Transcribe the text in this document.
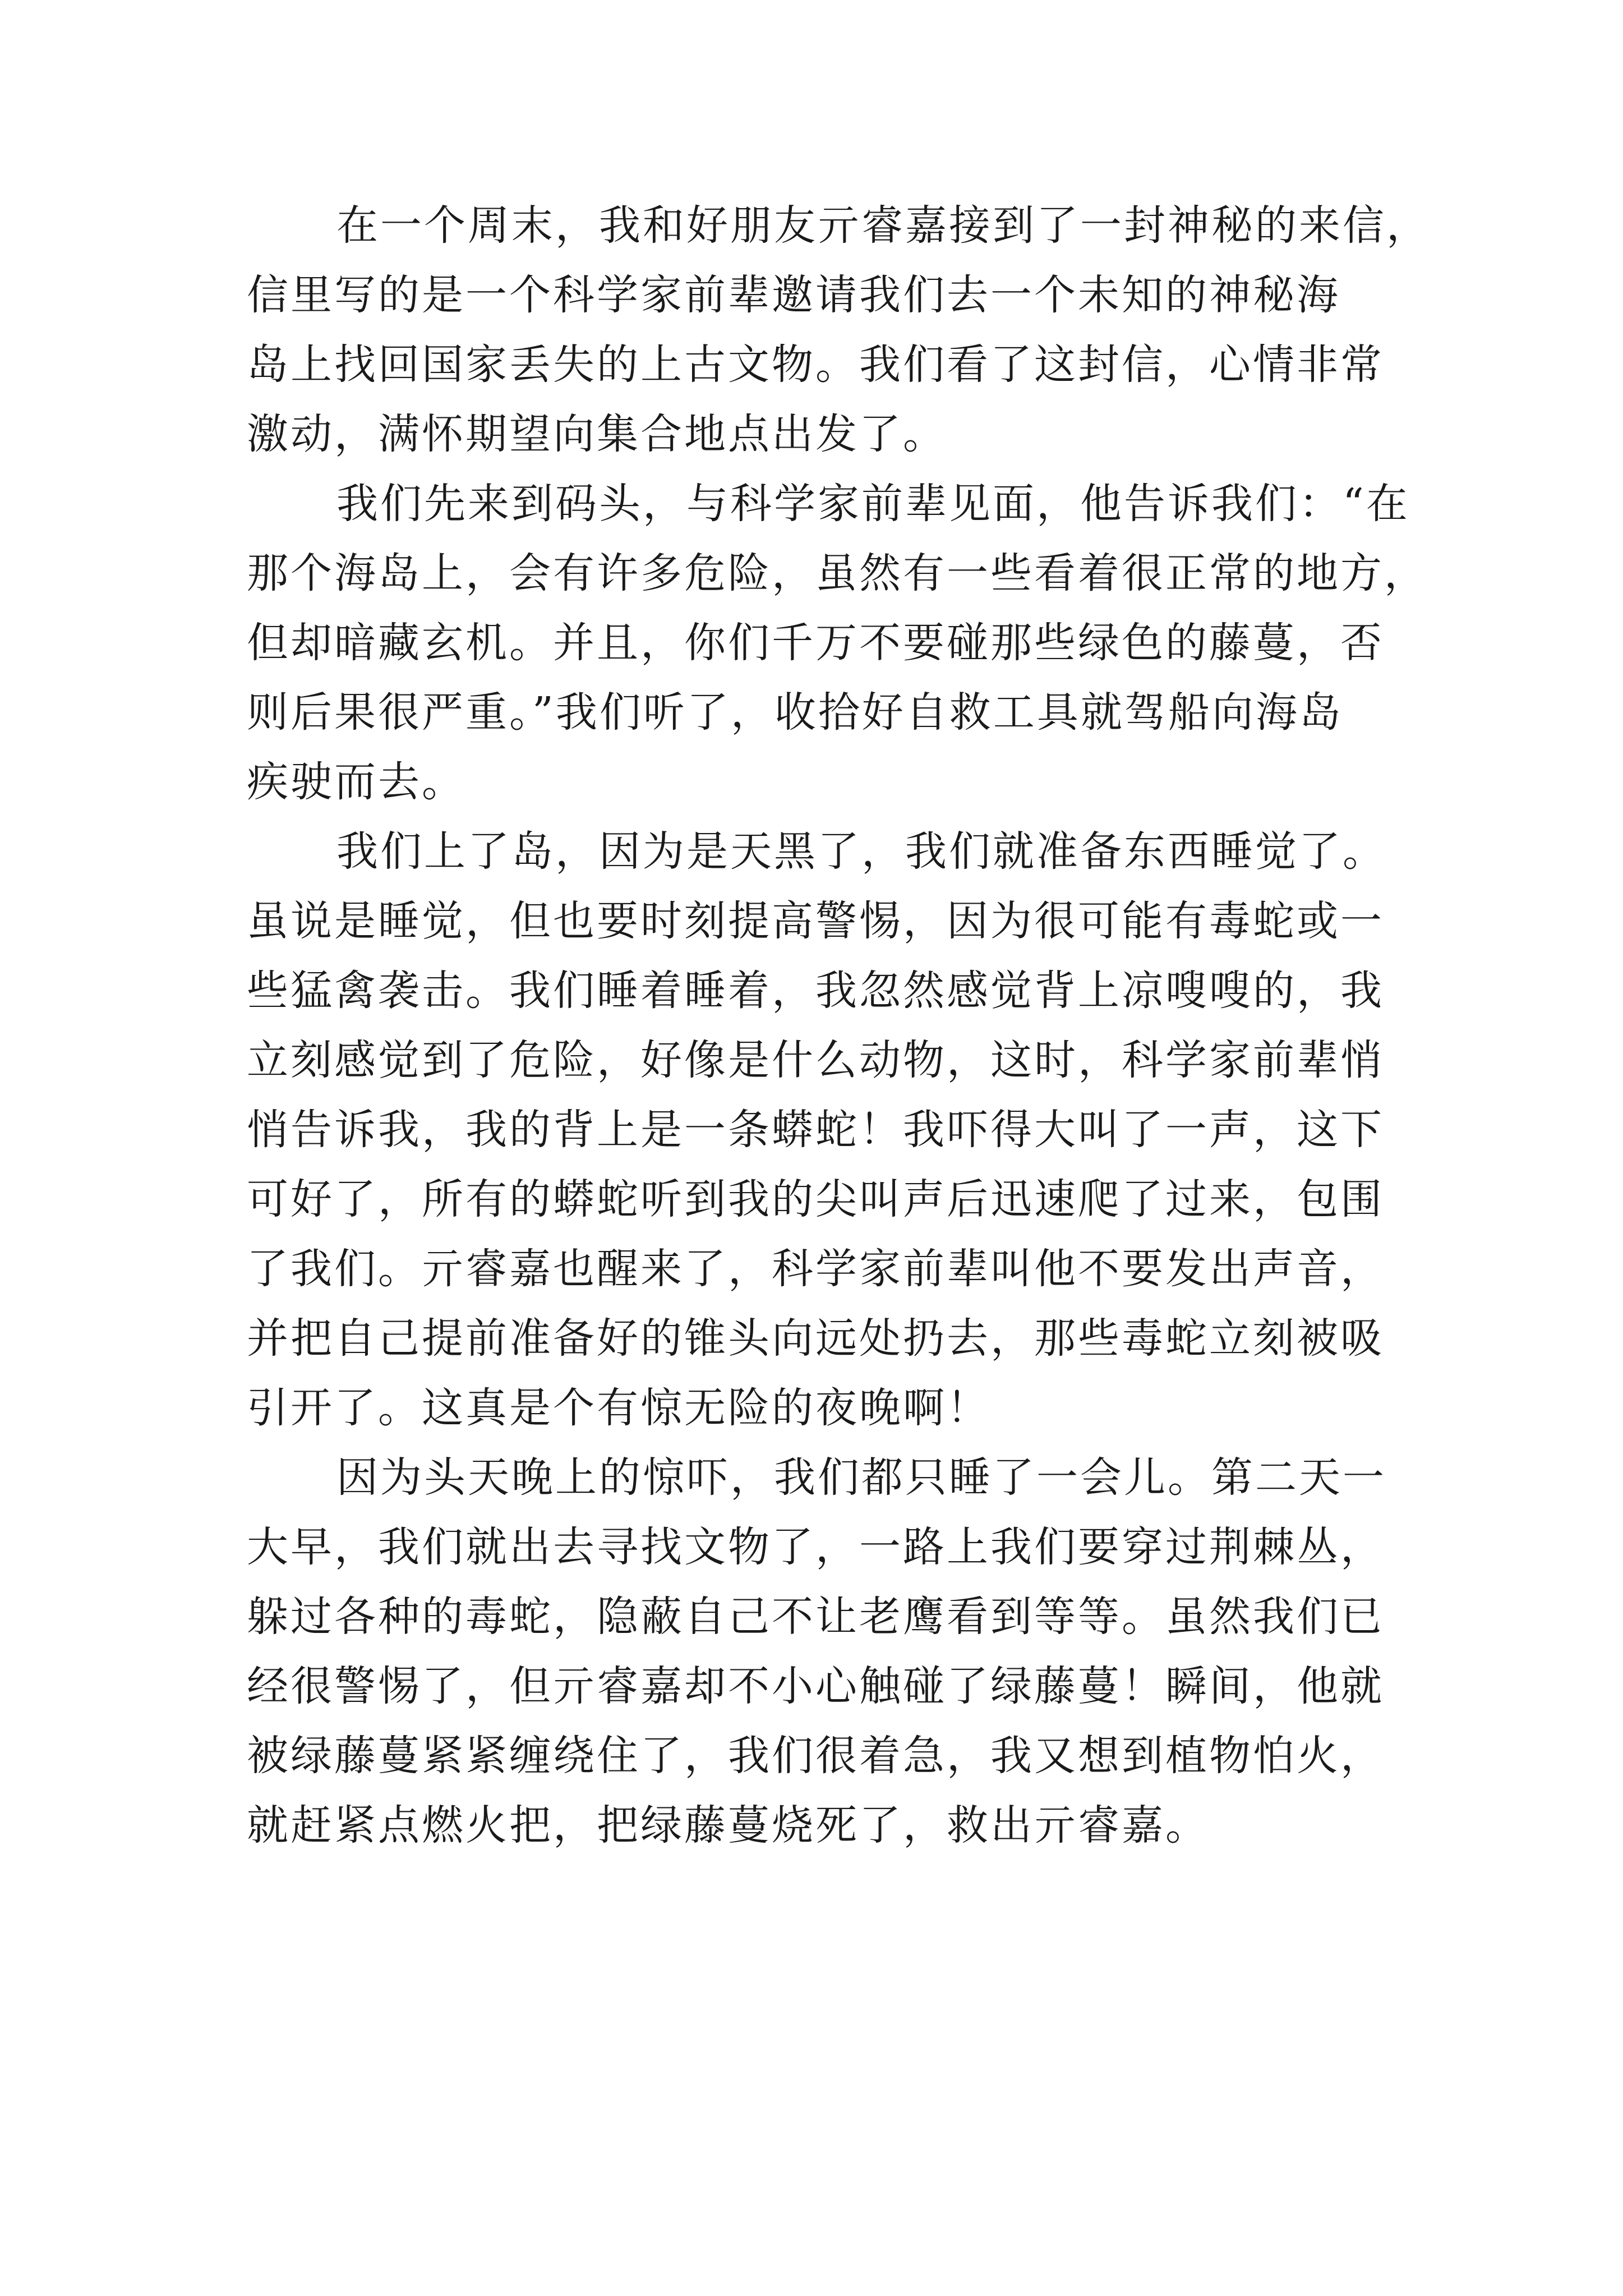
在一个周末，我和好朋友亓睿嘉接到了一封神秘的来信，
信里写的是一个科学家前辈邀请我们去一个未知的神秘海
岛上找回国家丢失的上古文物。我们看了这封信，心情非常
激动，满怀期望向集合地点出发了。
我们先来到码头，与科学家前辈见面，他告诉我们：“在
那个海岛上，会有许多危险，虽然有一些看着很正常的地方，
但却暗藏玄机。并且，你们千万不要碰那些绿色的藤蔓，否
则后果很严重。”我们听了，收拾好自救工具就驾船向海岛
疾驶而去。
我们上了岛，因为是天黑了，我们就准备东西睡觉了。
虽说是睡觉，但也要时刻提高警惕，因为很可能有毒蛇或一
些猛禽袭击。我们睡着睡着，我忽然感觉背上凉嗖嗖的，我
立刻感觉到了危险，好像是什么动物，这时，科学家前辈悄
悄告诉我，我的背上是一条蟒蛇！我吓得大叫了一声，这下
可好了，所有的蟒蛇听到我的尖叫声后迅速爬了过来，包围
了我们。亓睿嘉也醒来了，科学家前辈叫他不要发出声音，
并把自己提前准备好的锥头向远处扔去，那些毒蛇立刻被吸
引开了。这真是个有惊无险的夜晚啊！
因为头天晚上的惊吓，我们都只睡了一会儿。第二天一
大早，我们就出去寻找文物了，一路上我们要穿过荆棘丛，
躲过各种的毒蛇，隐蔽自己不让老鹰看到等等。虽然我们已
经很警惕了，但亓睿嘉却不小心触碰了绿藤蔓！瞬间，他就
被绿藤蔓紧紧缠绕住了，我们很着急，我又想到植物怕火，
就赶紧点燃火把，把绿藤蔓烧死了，救出亓睿嘉。
